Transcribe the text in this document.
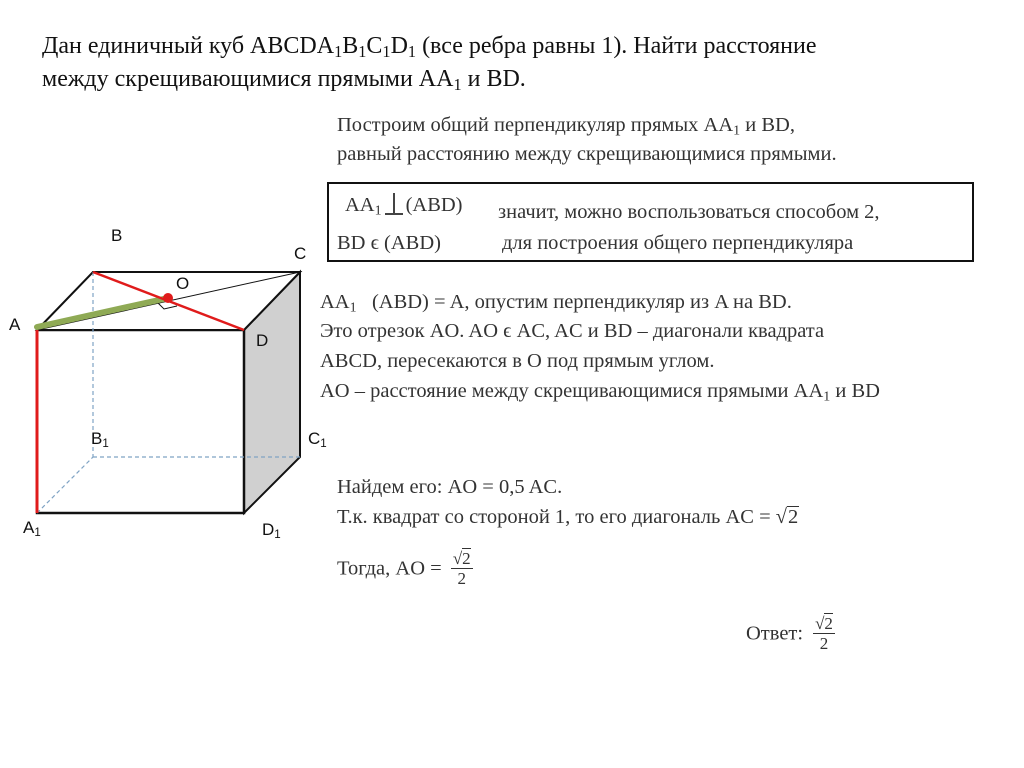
Дан единичный куб $ABCDA_1B_1C_1D_1$ (все ребра равны 1). Найти расстояние
между скрещивающимися прямыми $AA_1$ и BD.
Построим общий перпендикуляр прямых $AA_1$ и BD,
равный расстоянию между скрещивающимися прямыми.
$AA_1$ (ABD) значит, можно воспользоваться способом 2,
BD ϵ (ABD)	для построения общего перпендикуляра
$AA_1$   (ABD) = A, опустим перпендикуляр из A на BD.
Это отрезок AO. AO ϵ AC, AC и BD – диагонали квадрата
ABCD, пересекаются в O под прямым углом.
AO – расстояние между скрещивающимися прямыми $AA_1$ и BD
Найдем его: AO = 0,5 AC.
Т.к. квадрат со стороной 1, то его диагональ AC = √2
Тогда, AO = $\frac{√2}{2}$
Ответ: $\frac{√2}{2}$
B
C
O
A
D
$B_1$	$C_1$
$A_1$	$D_1$
